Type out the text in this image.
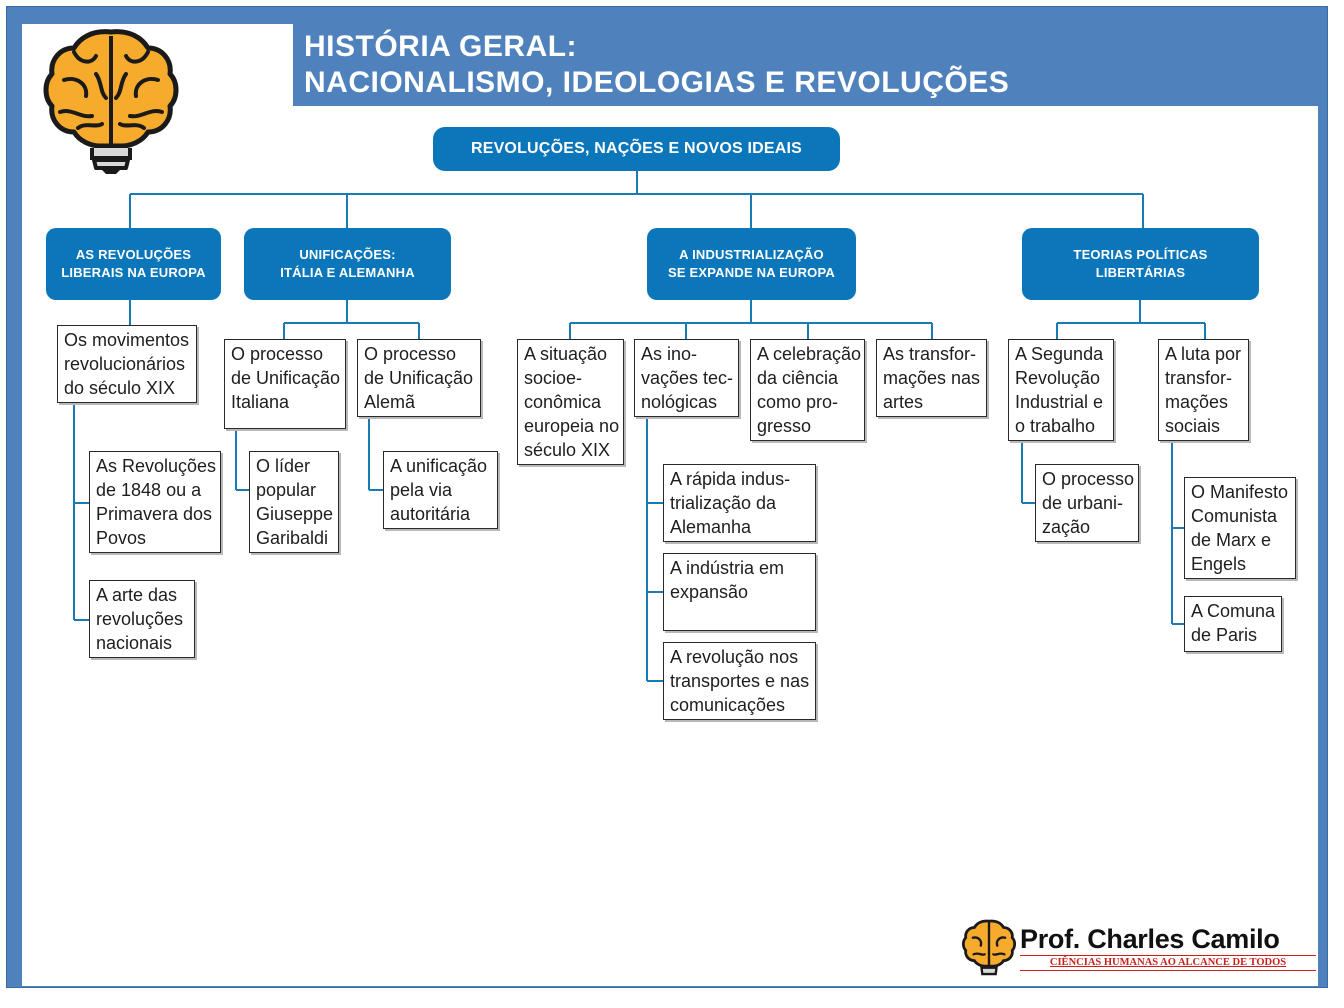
HISTÓRIA GERAL:
NACIONALISMO, IDEOLOGIAS E REVOLUÇÕES
REVOLUÇÕES, NAÇÕES E NOVOS IDEAIS
AS REVOLUÇÕES
LIBERAIS NA EUROPA
UNIFICAÇÕES:
ITÁLIA E ALEMANHA
A INDUSTRIALIZAÇÃO
SE EXPANDE NA EUROPA
TEORIAS POLÍTICAS
LIBERTÁRIAS
Os movimentos
revolucionários
do século XIX
As Revoluções
de 1848 ou a
Primavera dos
Povos
A arte das
revoluções
nacionais
O processo
de Unificação
Italiana
O líder
popular
Giuseppe
Garibaldi
O processo
de Unificação
Alemã
A unificação
pela via
autoritária
A situação
socioe-
conômica
europeia no
século XIX
As ino-
vações tec-
nológicas
A rápida indus-
trialização da
Alemanha
A indústria em
expansão
A revolução nos
transportes e nas
comunicações
A celebração
da ciência
como pro-
gresso
As transfor-
mações nas
artes
A Segunda
Revolução
Industrial e
o trabalho
O processo
de urbani-
zação
A luta por
transfor-
mações
sociais
O Manifesto
Comunista
de Marx e
Engels
A Comuna
de Paris
Prof. Charles Camilo
CIÊNCIAS HUMANAS AO ALCANCE DE TODOS
